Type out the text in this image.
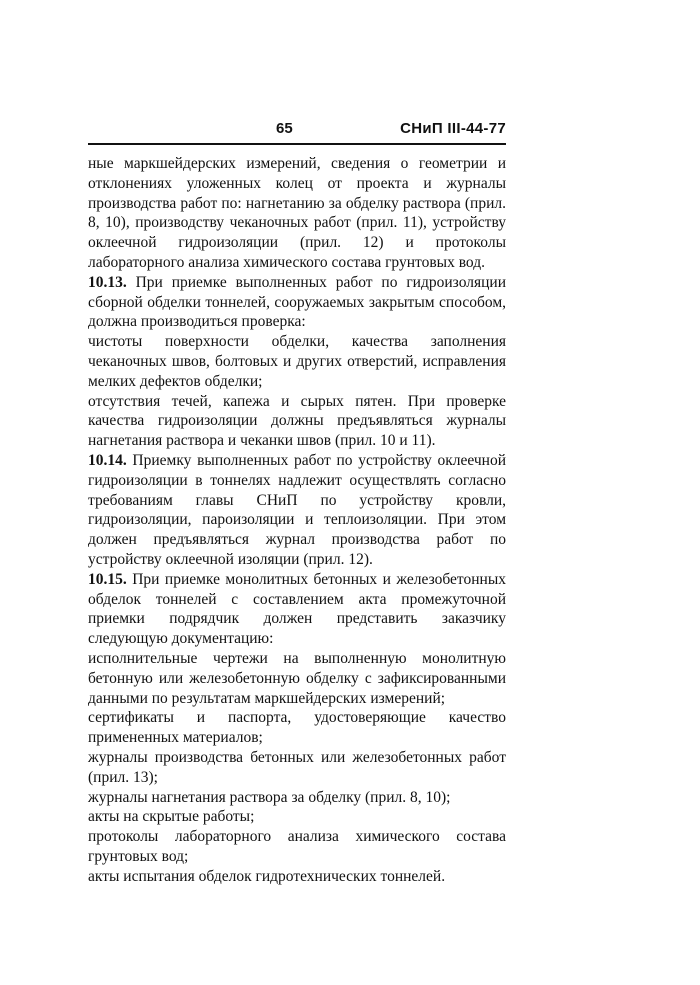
65	СНиП III-44-77

ные маркшейдерских измерений, сведения о геометрии и отклонениях уложенных колец от проекта и журналы производства работ по: нагнетанию за обделку раствора (прил. 8, 10), производству чеканочных работ (прил. 11), устройству оклеечной гидроизоляции (прил. 12) и протоколы лабораторного анализа химического состава грунтовых вод.

10.13. При приемке выполненных работ по гидроизоляции сборной обделки тоннелей, сооружаемых закрытым способом, должна производиться проверка:

чистоты поверхности обделки, качества заполнения чеканочных швов, болтовых и других отверстий, исправления мелких дефектов обделки;

отсутствия течей, капежа и сырых пятен. При проверке качества гидроизоляции должны предъявляться журналы нагнетания раствора и чеканки швов (прил. 10 и 11).

10.14. Приемку выполненных работ по устройству оклеечной гидроизоляции в тоннелях надлежит осуществлять согласно требованиям главы СНиП по устройству кровли, гидроизоляции, пароизоляции и теплоизоляции. При этом должен предъявляться журнал производства работ по устройству оклеечной изоляции (прил. 12).

10.15. При приемке монолитных бетонных и железобетонных обделок тоннелей с составлением акта промежуточной приемки подрядчик должен представить заказчику следующую документацию:

исполнительные чертежи на выполненную монолитную бетонную или железобетонную обделку с зафиксированными данными по результатам маркшейдерских измерений;

сертификаты и паспорта, удостоверяющие качество примененных материалов;

журналы производства бетонных или железобетонных работ (прил. 13);

журналы нагнетания раствора за обделку (прил. 8, 10);

акты на скрытые работы;

протоколы лабораторного анализа химического состава грунтовых вод;

акты испытания обделок гидротехнических тоннелей.
